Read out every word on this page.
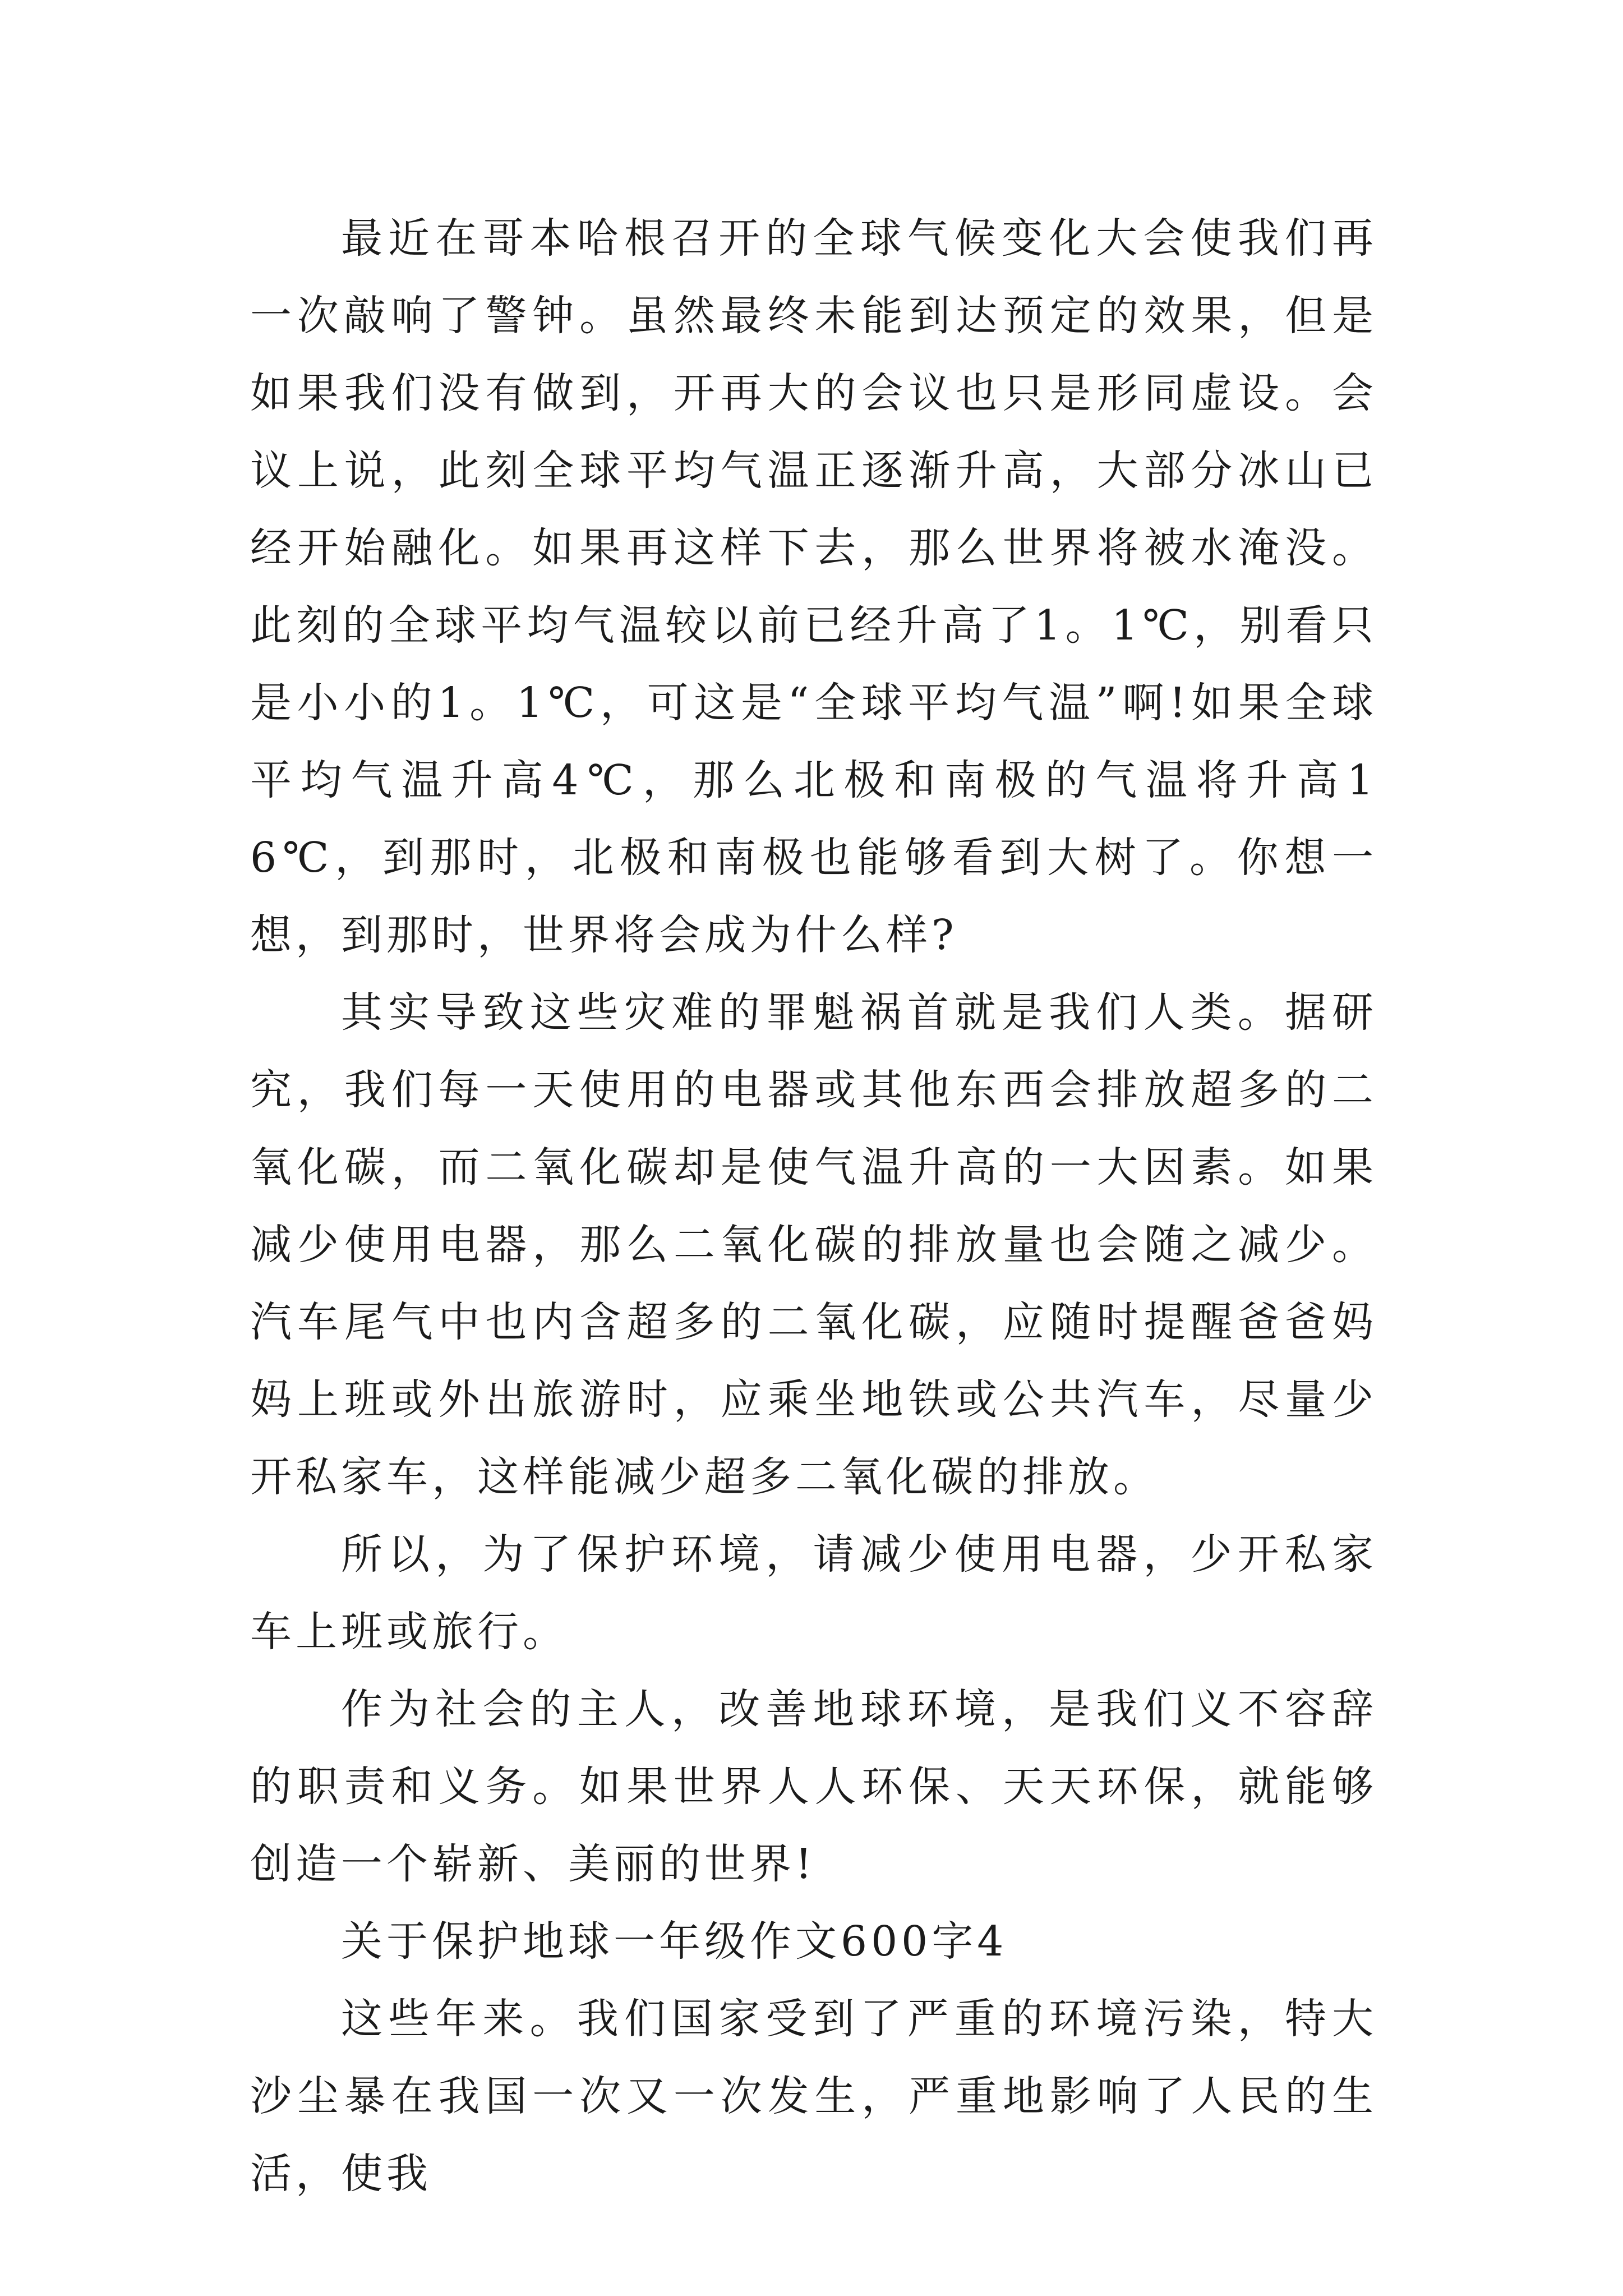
最近在哥本哈根召开的全球气候变化大会使我们再一次敲响了警钟。虽然最终未能到达预定的效果，但是如果我们没有做到，开再大的会议也只是形同虚设。会议上说，此刻全球平均气温正逐渐升高，大部分冰山已经开始融化。如果再这样下去，那么世界将被水淹没。此刻的全球平均气温较以前已经升高了1。1℃，别看只是小小的1。1℃，可这是“全球平均气温”啊!如果全球平均气温升高4℃，那么北极和南极的气温将升高16℃，到那时，北极和南极也能够看到大树了。你想一想，到那时，世界将会成为什么样?

其实导致这些灾难的罪魁祸首就是我们人类。据研究，我们每一天使用的电器或其他东西会排放超多的二氧化碳，而二氧化碳却是使气温升高的一大因素。如果减少使用电器，那么二氧化碳的排放量也会随之减少。汽车尾气中也内含超多的二氧化碳，应随时提醒爸爸妈妈上班或外出旅游时，应乘坐地铁或公共汽车，尽量少开私家车，这样能减少超多二氧化碳的排放。

所以，为了保护环境，请减少使用电器，少开私家车上班或旅行。

作为社会的主人，改善地球环境，是我们义不容辞的职责和义务。如果世界人人环保、天天环保，就能够创造一个崭新、美丽的世界!

关于保护地球一年级作文600字4

这些年来。我们国家受到了严重的环境污染，特大沙尘暴在我国一次又一次发生，严重地影响了人民的生活，使我
